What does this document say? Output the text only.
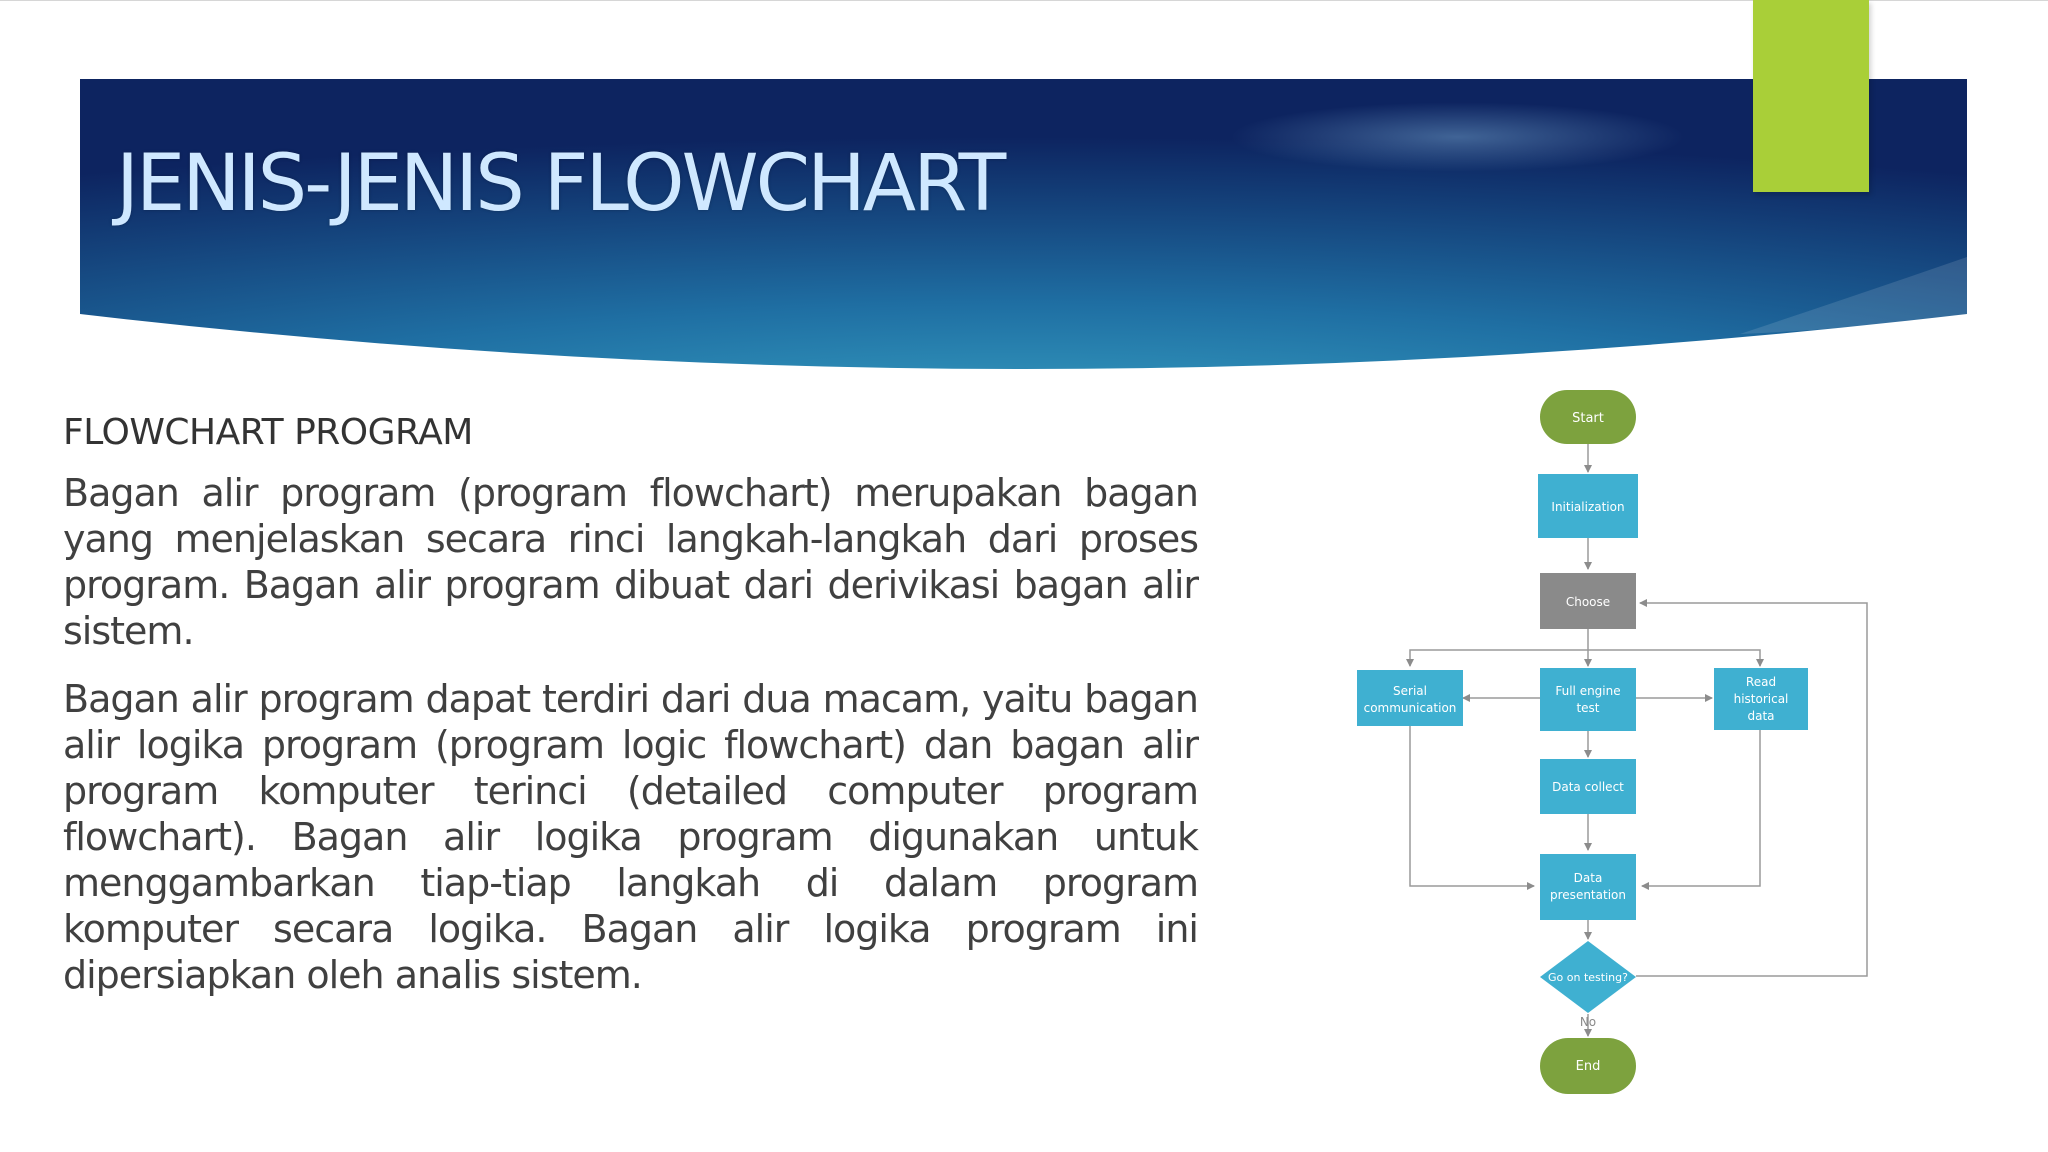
JENIS-JENIS FLOWCHART
FLOWCHART PROGRAM

Bagan alir program (program flowchart) merupakan bagan yang menjelaskan secara rinci langkah-langkah dari proses program. Bagan alir program dibuat dari derivikasi bagan alir sistem.

Bagan alir program dapat terdiri dari dua macam, yaitu bagan alir logika program (program logic flowchart) dan bagan alir program komputer terinci (detailed computer program flowchart). Bagan alir logika program digunakan untuk menggambarkan tiap-tiap langkah di dalam program komputer secara logika. Bagan alir logika program ini dipersiapkan oleh analis sistem.

Start
Initialization
Choose
Serial
communication
Full engine
test
Read
historical
data
Data collect
Data
presentation
Go on testing?
No
End
